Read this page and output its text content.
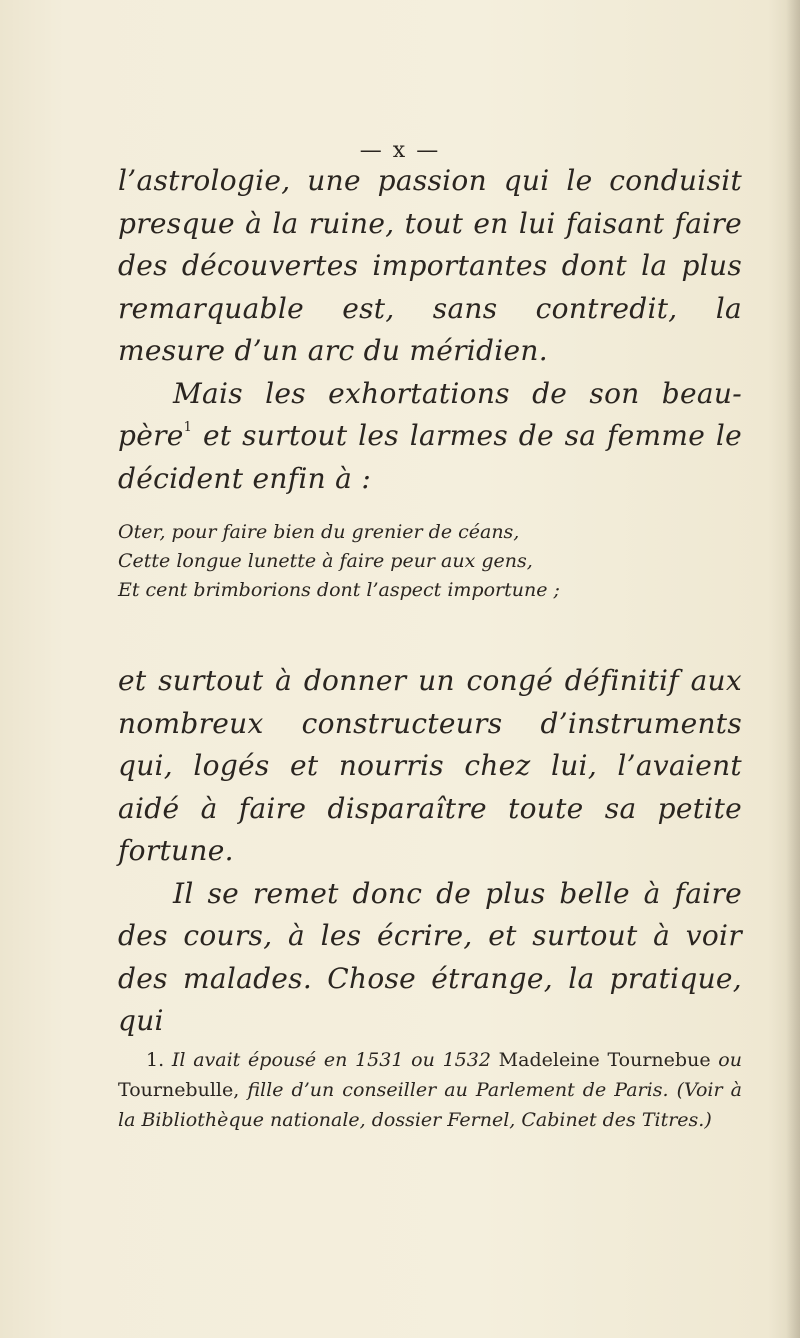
— x —

l’astrologie, une passion qui le conduisit presque à la ruine, tout en lui faisant faire des découvertes importantes dont la plus remarquable est, sans contredit, la mesure d’un arc du méridien.

Mais les exhortations de son beau-père$^1$ et surtout les larmes de sa femme le décident enfin à :

Oter, pour faire bien du grenier de céans,
Cette longue lunette à faire peur aux gens,
Et cent brimborions dont l’aspect importune ;

et surtout à donner un congé définitif aux nombreux constructeurs d’instruments qui, logés et nourris chez lui, l’avaient aidé à faire disparaître toute sa petite fortune.

Il se remet donc de plus belle à faire des cours, à les écrire, et surtout à voir des malades. Chose étrange, la pratique, qui

1. Il avait épousé en 1531 ou 1532 Madeleine Tournebue ou Tournebulle, fille d’un conseiller au Parlement de Paris. (Voir à la Bibliothèque nationale, dossier Fernel, Cabinet des Titres.)
